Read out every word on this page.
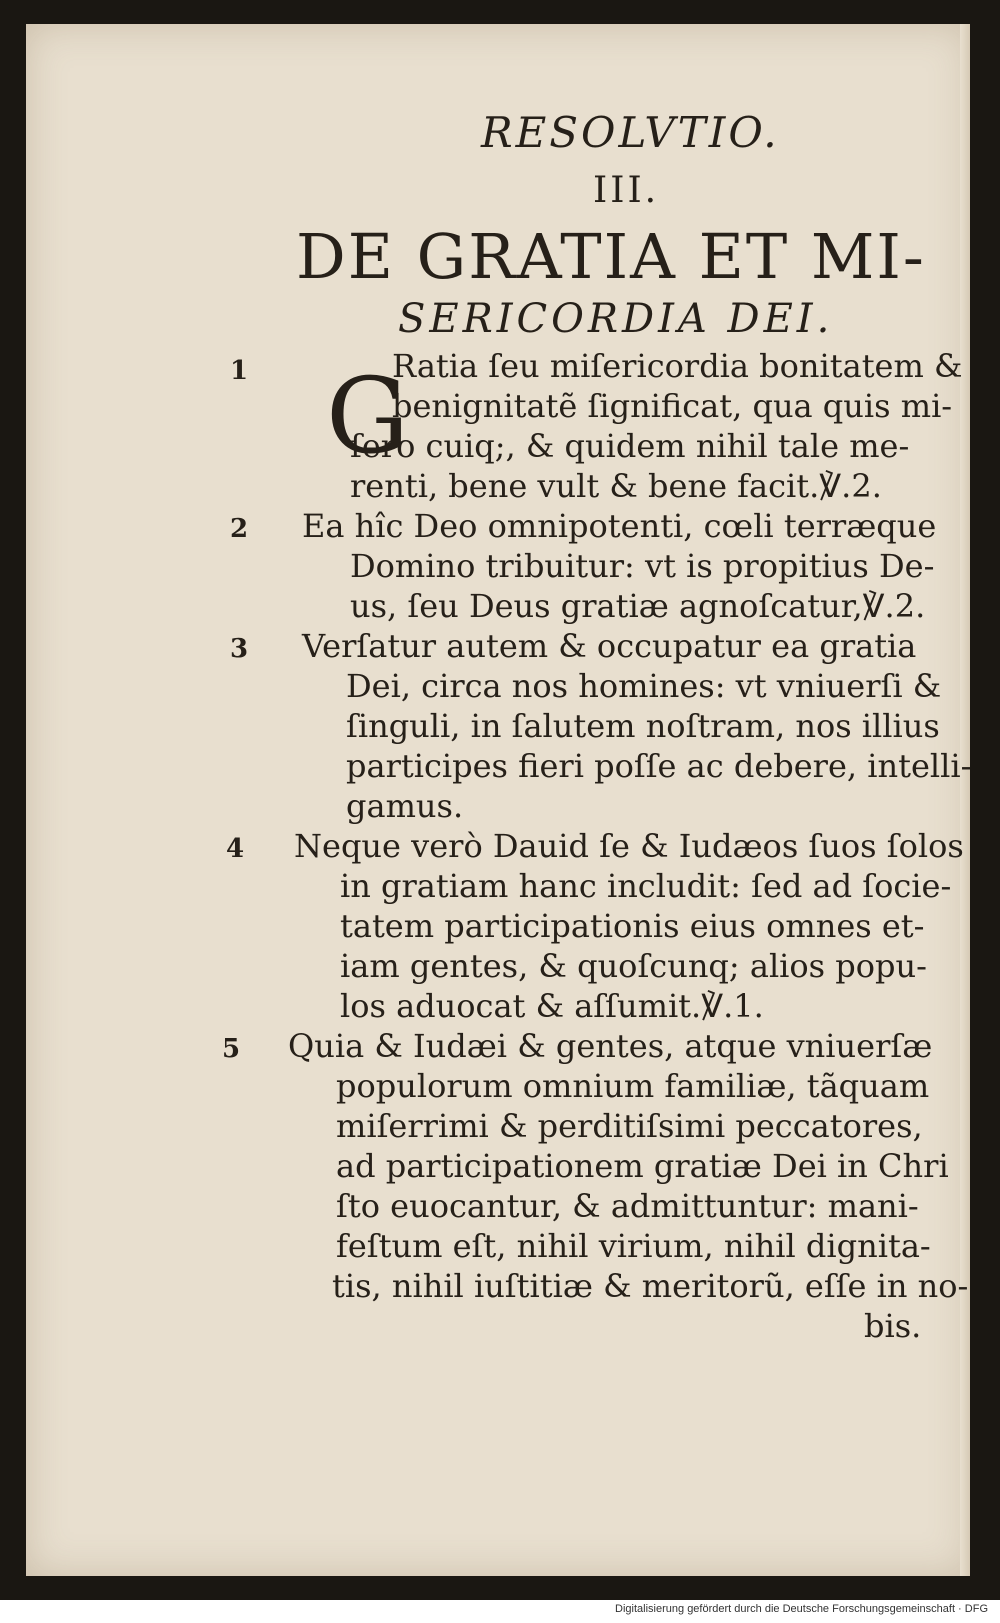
RESOLVTIO.
III.
DE GRATIA ET MI-
SERICORDIA DEI.
1 G
Ratia ſeu miſericordia bonitatem &
benignitatẽ ſignificat, qua quis mi-
ſero cuiq;, & quidem nihil tale me-
renti, bene vult & bene facit.℣.2.
2 Ea hîc Deo omnipotenti, cœli terræque
Domino tribuitur: vt is propitius De-
us, ſeu Deus gratiæ agnoſcatur,℣.2.
3 Verſatur autem & occupatur ea gratia
Dei, circa nos homines: vt vniuerſi &
ſinguli, in ſalutem noſtram, nos illius
participes fieri poſſe ac debere, intelli-
gamus.
4 Neque verò Dauid ſe & Iudæos ſuos ſolos
in gratiam hanc includit: ſed ad ſocie-
tatem participationis eius omnes et-
iam gentes, & quoſcunq; alios popu-
los aduocat & aſſumit.℣.1.
5 Quia & Iudæi & gentes, atque vniuerſæ
populorum omnium familiæ, tãquam
miſerrimi & perditiſsimi peccatores,
ad participationem gratiæ Dei in Chri
ſto euocantur, & admittuntur: mani-
feſtum eſt, nihil virium, nihil dignita-
tis, nihil iuſtitiæ & meritorũ, eſſe in no-
bis.
Digitalisierung gefördert durch die Deutsche Forschungsgemeinschaft · DFG
